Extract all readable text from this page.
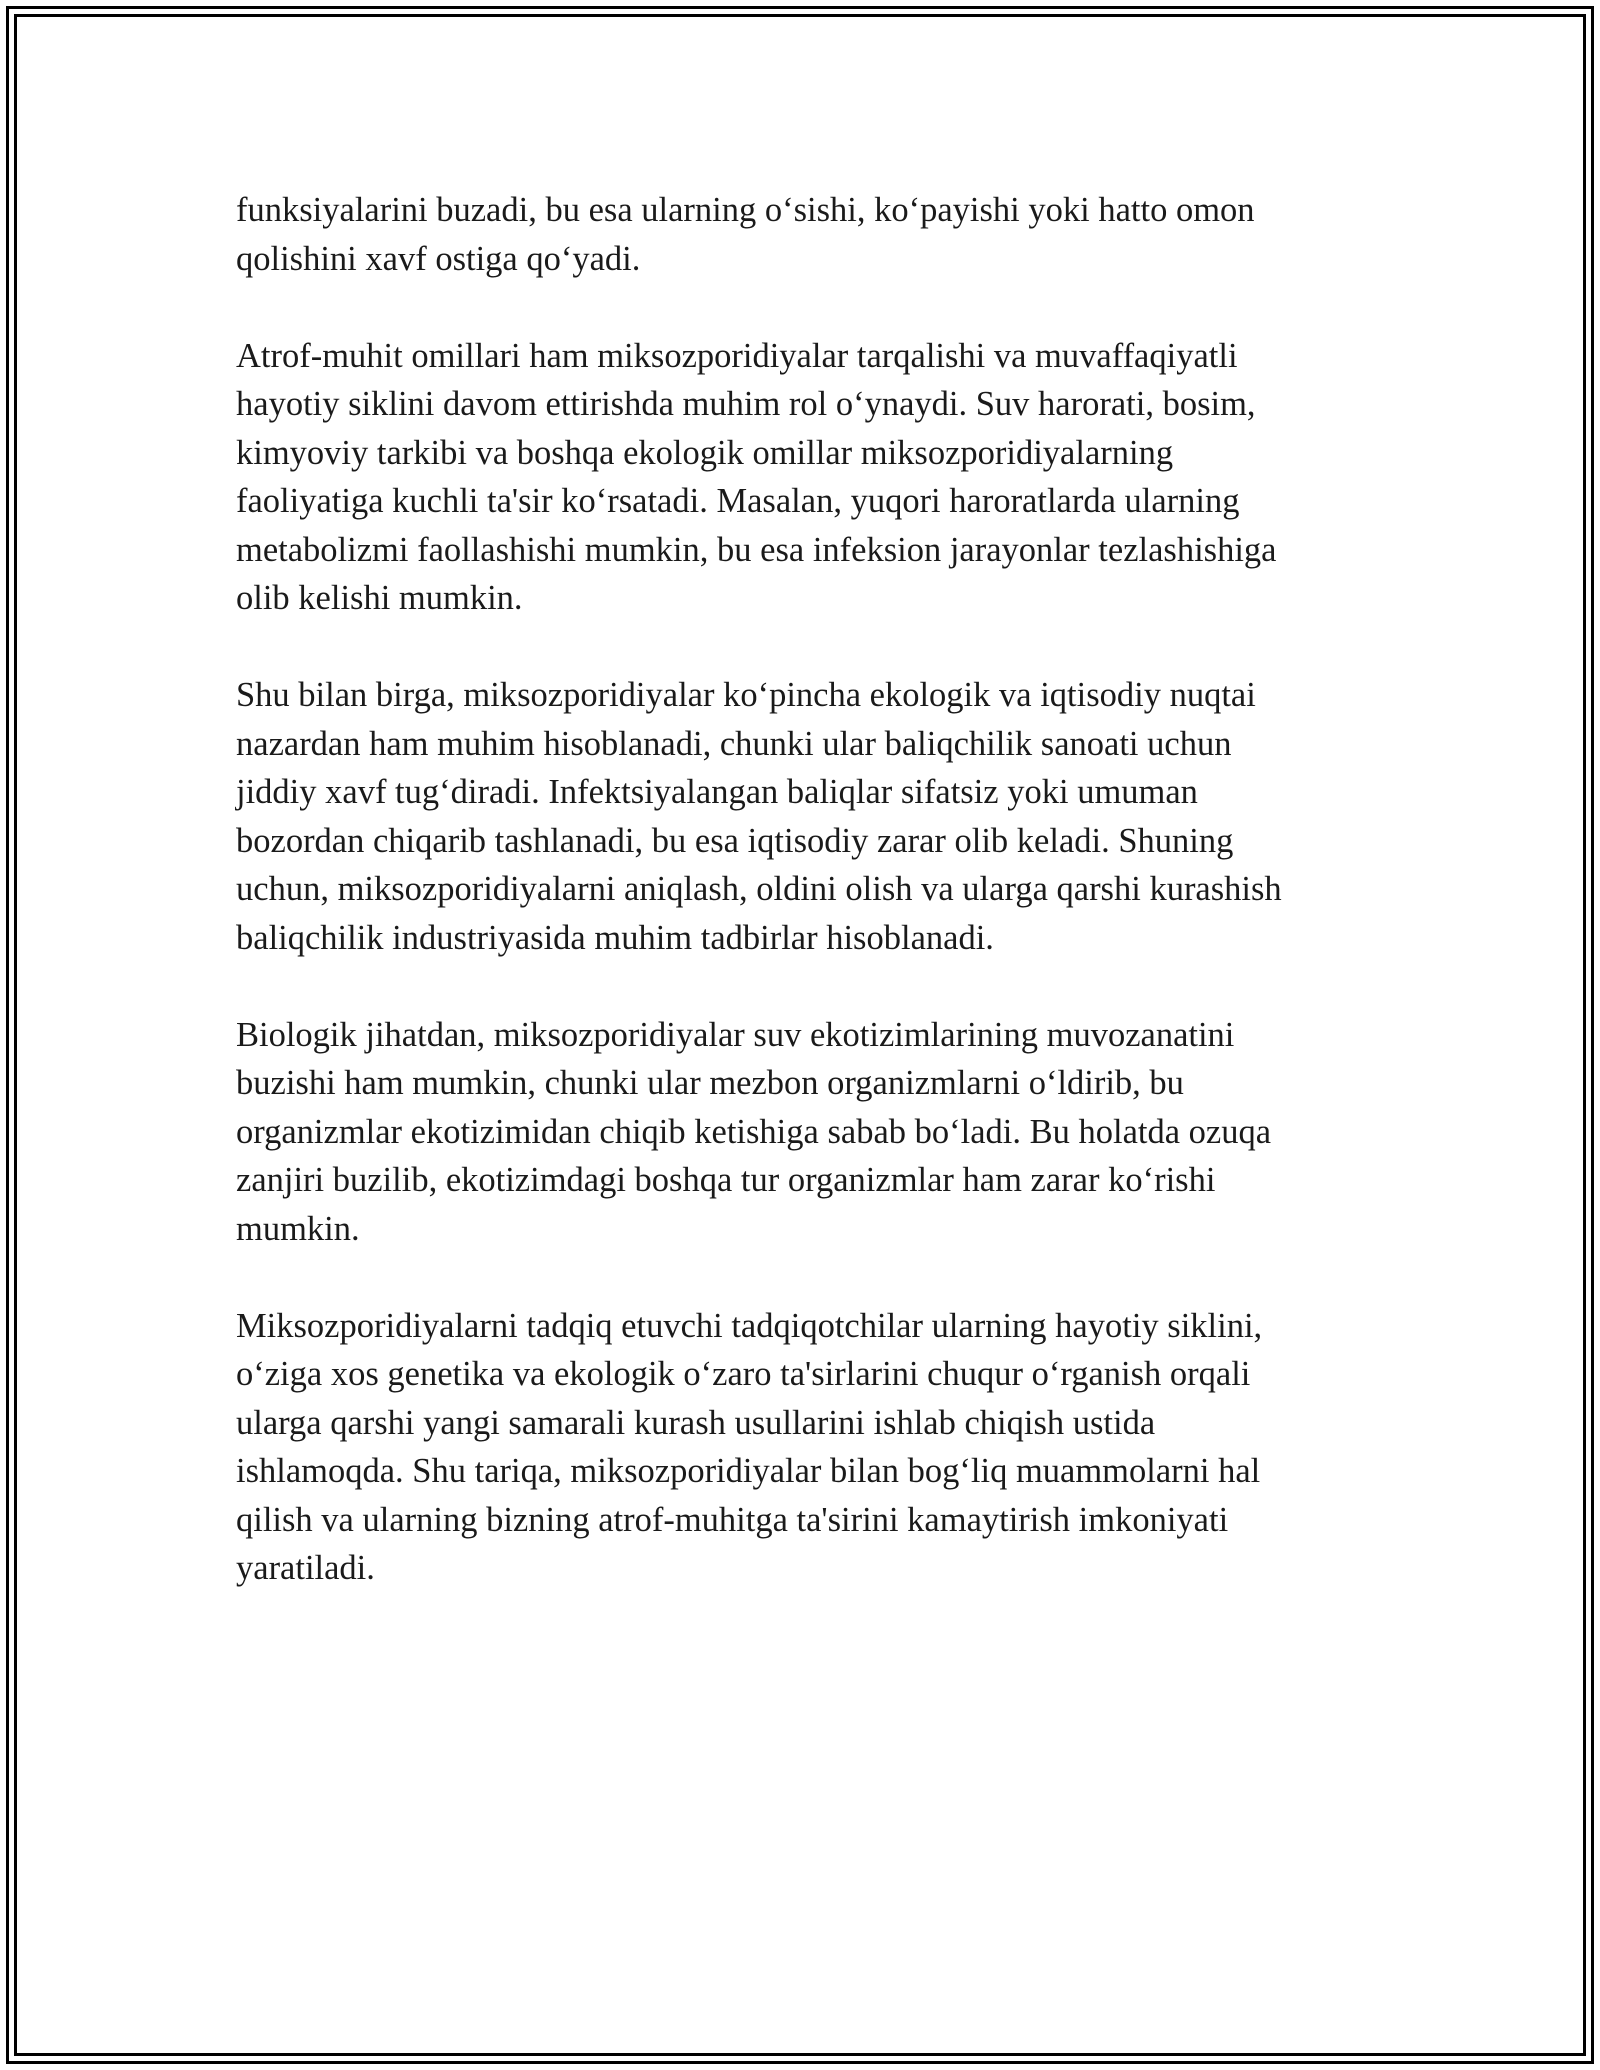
funksiyalarini buzadi, bu esa ularning o‘sishi, ko‘payishi yoki hatto omon
qolishini xavf ostiga qo‘yadi.

Atrof-muhit omillari ham miksozporidiyalar tarqalishi va muvaffaqiyatli
hayotiy siklini davom ettirishda muhim rol o‘ynaydi. Suv harorati, bosim,
kimyoviy tarkibi va boshqa ekologik omillar miksozporidiyalarning
faoliyatiga kuchli ta'sir ko‘rsatadi. Masalan, yuqori haroratlarda ularning
metabolizmi faollashishi mumkin, bu esa infeksion jarayonlar tezlashishiga
olib kelishi mumkin.

Shu bilan birga, miksozporidiyalar ko‘pincha ekologik va iqtisodiy nuqtai
nazardan ham muhim hisoblanadi, chunki ular baliqchilik sanoati uchun
jiddiy xavf tug‘diradi. Infektsiyalangan baliqlar sifatsiz yoki umuman
bozordan chiqarib tashlanadi, bu esa iqtisodiy zarar olib keladi. Shuning
uchun, miksozporidiyalarni aniqlash, oldini olish va ularga qarshi kurashish
baliqchilik industriyasida muhim tadbirlar hisoblanadi.

Biologik jihatdan, miksozporidiyalar suv ekotizimlarining muvozanatini
buzishi ham mumkin, chunki ular mezbon organizmlarni o‘ldirib, bu
organizmlar ekotizimidan chiqib ketishiga sabab bo‘ladi. Bu holatda ozuqa
zanjiri buzilib, ekotizimdagi boshqa tur organizmlar ham zarar ko‘rishi
mumkin.

Miksozporidiyalarni tadqiq etuvchi tadqiqotchilar ularning hayotiy siklini,
o‘ziga xos genetika va ekologik o‘zaro ta'sirlarini chuqur o‘rganish orqali
ularga qarshi yangi samarali kurash usullarini ishlab chiqish ustida
ishlamoqda. Shu tariqa, miksozporidiyalar bilan bog‘liq muammolarni hal
qilish va ularning bizning atrof-muhitga ta'sirini kamaytirish imkoniyati
yaratiladi.
